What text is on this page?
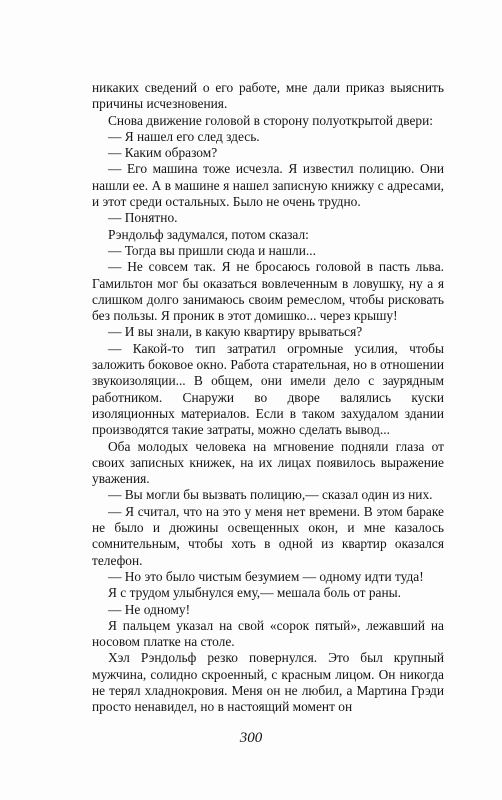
никаких сведений о его работе, мне дали приказ выяснить причины исчезновения.

Снова движение головой в сторону полуоткрытой двери:

— Я нашел его след здесь.

— Каким образом?

— Его машина тоже исчезла. Я известил полицию. Они нашли ее. А в машине я нашел записную книжку с адресами, и этот среди остальных. Было не очень трудно.

— Понятно.

Рэндольф задумался, потом сказал:

— Тогда вы пришли сюда и нашли...

— Не совсем так. Я не бросаюсь головой в пасть льва. Гамильтон мог бы оказаться вовлеченным в ловушку, ну а я слишком долго занимаюсь своим ремеслом, чтобы рисковать без пользы. Я проник в этот домишко... через крышу!

— И вы знали, в какую квартиру врываться?

— Какой-то тип затратил огромные усилия, чтобы заложить боковое окно. Работа старательная, но в отношении звукоизоляции... В общем, они имели дело с заурядным работником. Снаружи во дворе валялись куски изоляционных материалов. Если в таком захудалом здании производятся такие затраты, можно сделать вывод...

Оба молодых человека на мгновение подняли глаза от своих записных книжек, на их лицах появилось выражение уважения.

— Вы могли бы вызвать полицию,— сказал один из них.

— Я считал, что на это у меня нет времени. В этом бараке не было и дюжины освещенных окон, и мне казалось сомнительным, чтобы хоть в одной из квартир оказался телефон.

— Но это было чистым безумием — одному идти туда!

Я с трудом улыбнулся ему,— мешала боль от раны.

— Не одному!

Я пальцем указал на свой «сорок пятый», лежавший на носовом платке на столе.

Хэл Рэндольф резко повернулся. Это был крупный мужчина, солидно скроенный, с красным лицом. Он никогда не терял хладнокровия. Меня он не любил, а Мартина Грэди просто ненавидел, но в настоящий момент он

300
